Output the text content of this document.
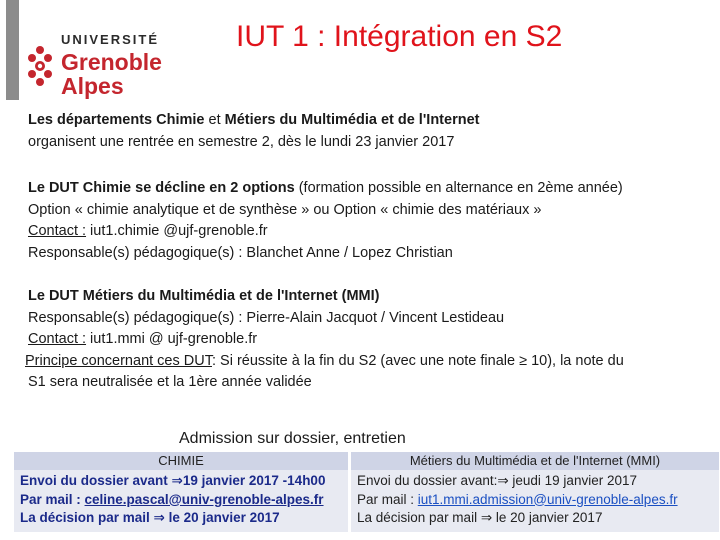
UNIVERSITÉ
Grenoble
Alpes
IUT 1 : Intégration en S2
Les départements Chimie et Métiers du Multimédia et de l'Internet
organisent une rentrée en semestre 2, dès le lundi 23 janvier 2017
Le DUT Chimie se décline en 2 options (formation possible en alternance en 2ème année)
Option « chimie analytique et de synthèse » ou Option « chimie des matériaux »
Contact : iut1.chimie @ujf-grenoble.fr
Responsable(s) pédagogique(s) : Blanchet Anne / Lopez Christian
Le DUT Métiers du Multimédia et de l'Internet (MMI)
Responsable(s) pédagogique(s) : Pierre-Alain Jacquot / Vincent Lestideau
Contact : iut1.mmi @ ujf-grenoble.fr
Principe concernant ces DUT: Si réussite à la fin du S2 (avec une note finale ≥ 10), la note du
S1 sera neutralisée et la 1ère année validée
Admission sur dossier, entretien
CHIMIE
Envoi du dossier avant ⇒19 janvier 2017 -14h00
Par mail : celine.pascal@univ-grenoble-alpes.fr
La décision par mail ⇒ le 20 janvier 2017
Métiers du Multimédia et de l'Internet (MMI)
Envoi du dossier avant:⇒ jeudi 19 janvier 2017
Par mail : iut1.mmi.admission@univ-grenoble-alpes.fr
La décision par mail ⇒ le 20 janvier 2017
